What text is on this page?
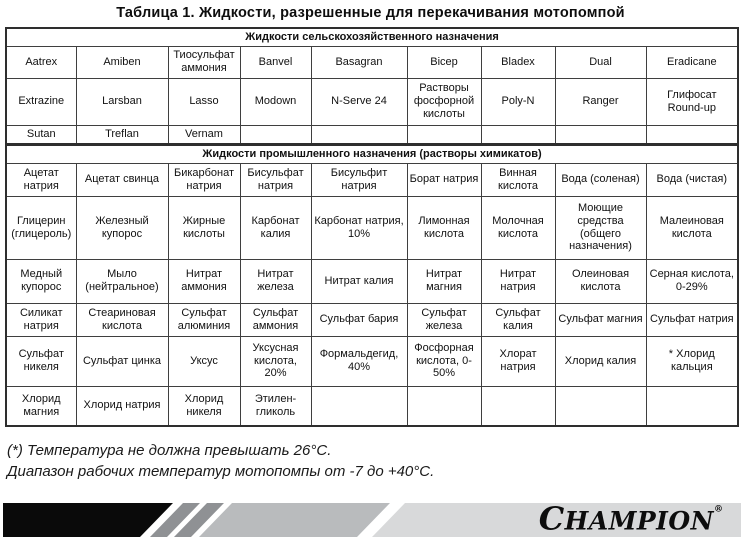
Таблица 1. Жидкости, разрешенные для перекачивания мотопомпой
Жидкости сельскохозяйственного назначения								
Aatrex	Amiben	Тиосульфат аммония	Banvel	Basagran	Bicep	Bladex	Dual	Eradicane
Extrazine	Larsban	Lasso	Modown	N-Serve 24	Растворы фосфорной кислоты	Poly-N	Ranger	Глифосат Round-up
Sutan	Treflan	Vernam						
Жидкости промышленного назначения (растворы химикатов)								
Ацетат натрия	Ацетат свинца	Бикарбонат натрия	Бисульфат натрия	Бисульфит натрия	Борат натрия	Винная кислота	Вода (соленая)	Вода (чистая)
Глицерин (глицероль)	Железный купорос	Жирные кислоты	Карбонат калия	Карбонат натрия, 10%	Лимонная кислота	Молочная кислота	Моющие средства (общего назначения)	Малеиновая кислота
Медный купорос	Мыло (нейтральное)	Нитрат аммония	Нитрат железа	Нитрат калия	Нитрат магния	Нитрат натрия	Олеиновая кислота	Серная кислота, 0-29%
Силикат натрия	Стеариновая кислота	Сульфат алюминия	Сульфат аммония	Сульфат бария	Сульфат железа	Сульфат калия	Сульфат магния	Сульфат натрия
Сульфат никеля	Сульфат цинка	Уксус	Уксусная кислота, 20%	Формальдегид, 40%	Фосфорная кислота, 0-50%	Хлорат натрия	Хлорид калия	* Хлорид кальция
Хлорид магния	Хлорид натрия	Хлорид никеля	Этилен-гликоль					
(*) Температура не должна превышать 26°С.
Диапазон рабочих температур мотопомпы от -7 до +40°С.
CHAMPION®
